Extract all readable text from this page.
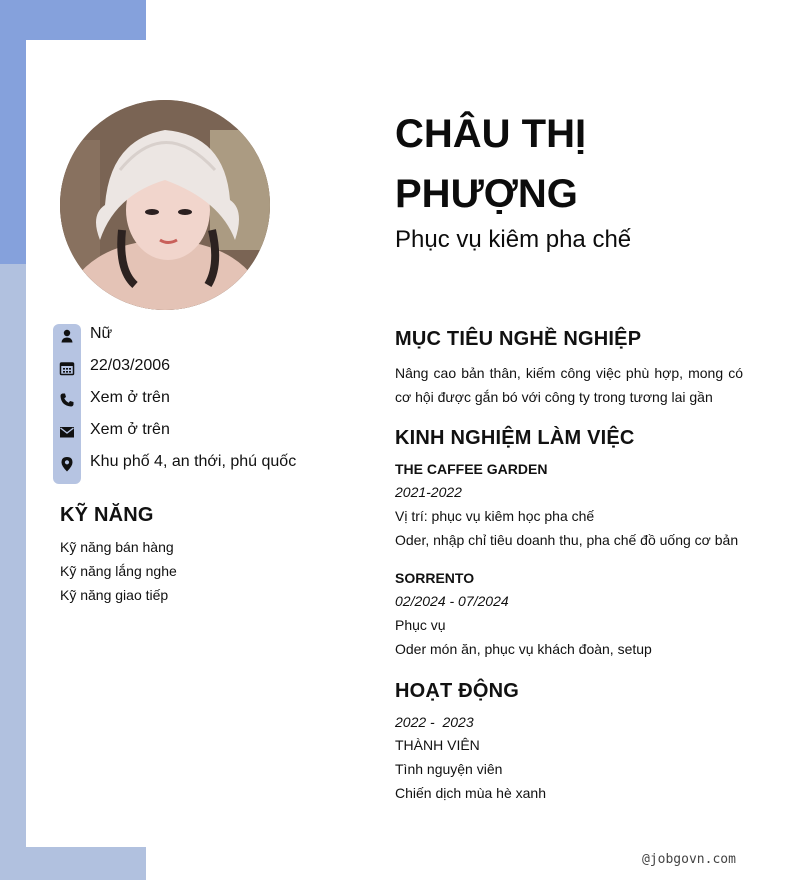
Nữ
22/03/2006
Xem ở trên
Xem ở trên
Khu phố 4, an thới, phú quốc
KỸ NĂNG
Kỹ năng bán hàng
Kỹ năng lắng nghe
Kỹ năng giao tiếp
CHÂU THỊ PHƯỢNG
Phục vụ kiêm pha chế
MỤC TIÊU NGHỀ NGHIỆP
Nâng cao bản thân, kiếm công việc phù hợp, mong có cơ hội được gắn bó với công ty trong tương lai gần
KINH NGHIỆM LÀM VIỆC
THE CAFFEE GARDEN
2021-2022
Vị trí: phục vụ kiêm học pha chế
Oder, nhập chỉ tiêu doanh thu, pha chế đồ uống cơ bản
SORRENTO
02/2024 - 07/2024
Phục vụ
Oder món ăn, phục vụ khách đoàn, setup
HOẠT ĐỘNG
2022 -  2023
THÀNH VIÊN
Tình nguyện viên
Chiến dịch mùa hè xanh
@jobgovn.com
